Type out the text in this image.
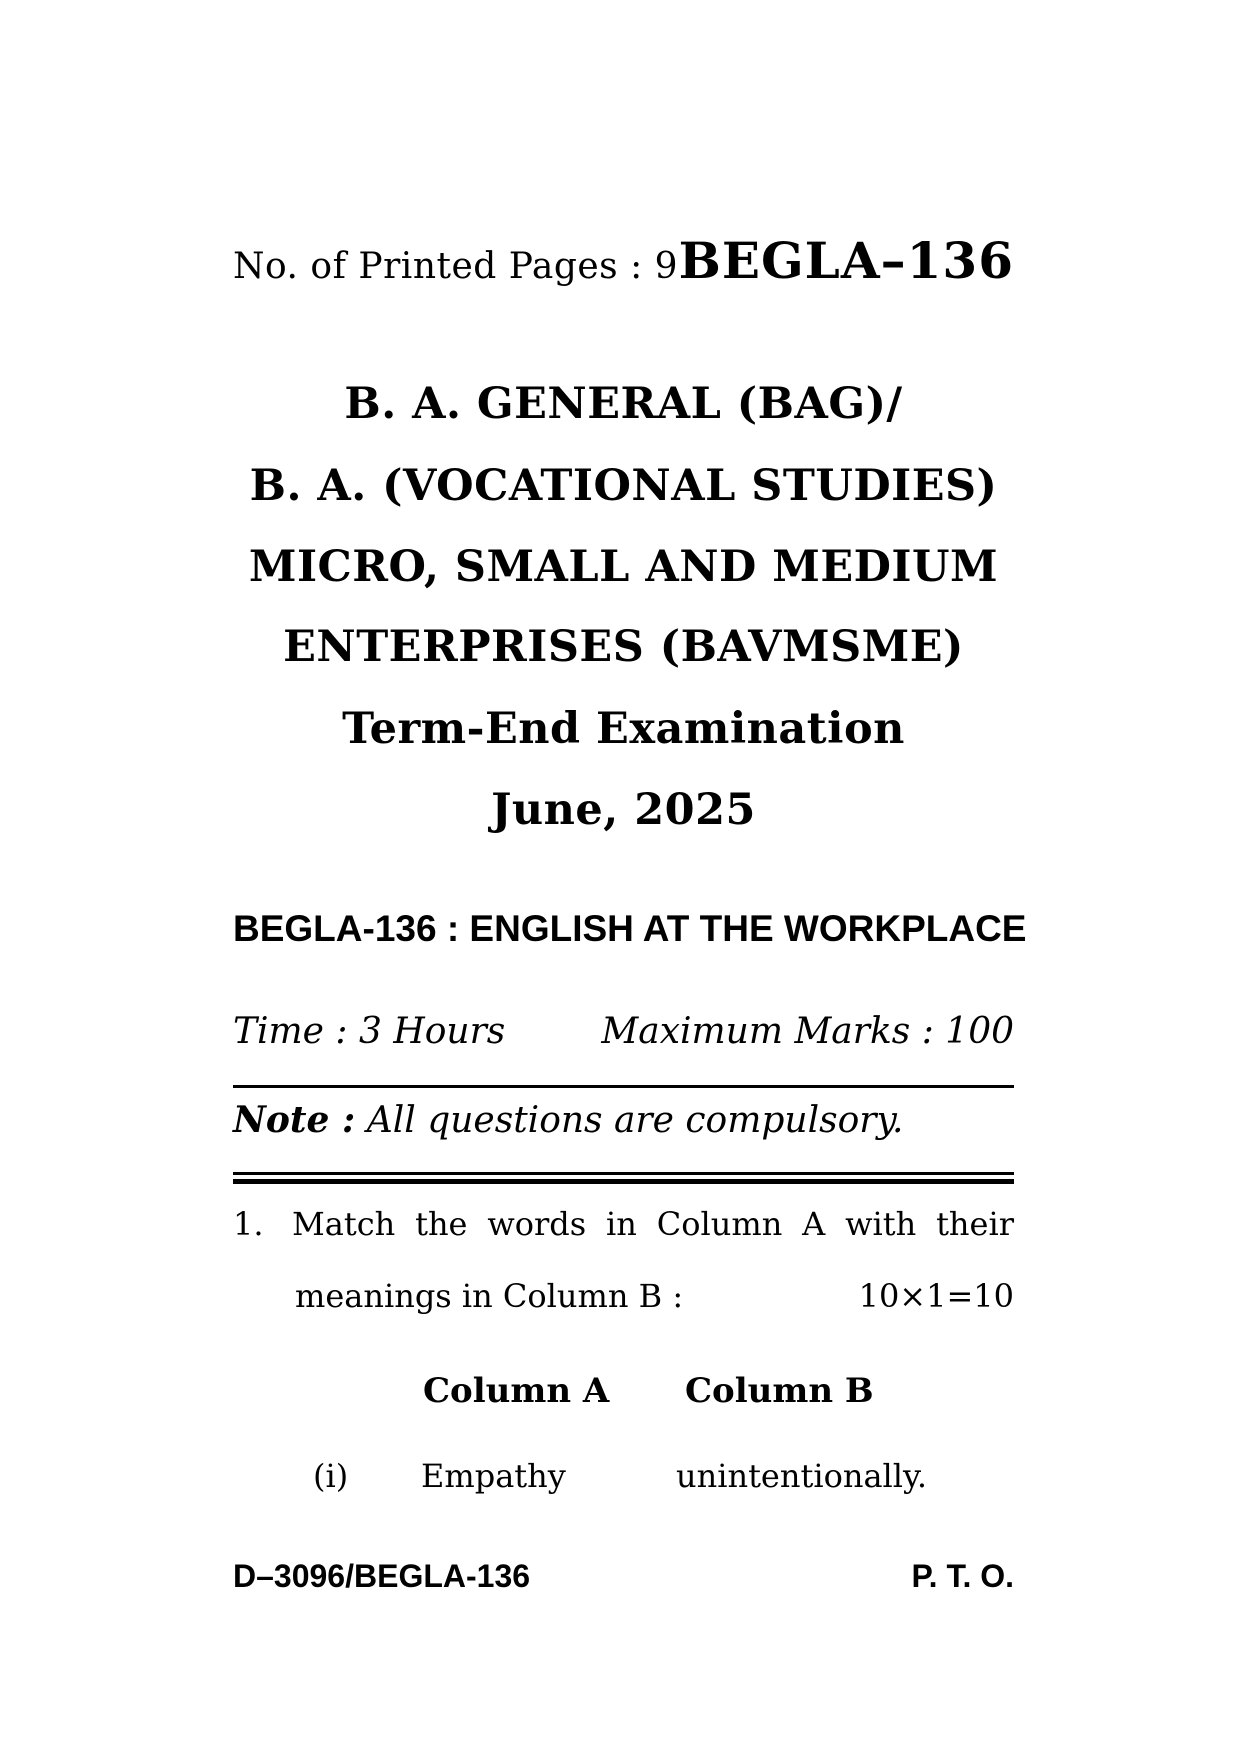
No. of Printed Pages : 9 BEGLA–136
B. A. GENERAL (BAG)/
B. A. (VOCATIONAL STUDIES)
MICRO, SMALL AND MEDIUM
ENTERPRISES (BAVMSME)
Term-End Examination
June, 2025
BEGLA-136 : ENGLISH AT THE WORKPLACE
Time : 3 Hours	Maximum Marks : 100
Note : All questions are compulsory.
1. Match the words in Column A with their
meanings in Column B :	10×1=10
Column A Column B
(i) Empathy	unintentionally.
D–3096/BEGLA-136	P. T. O.
